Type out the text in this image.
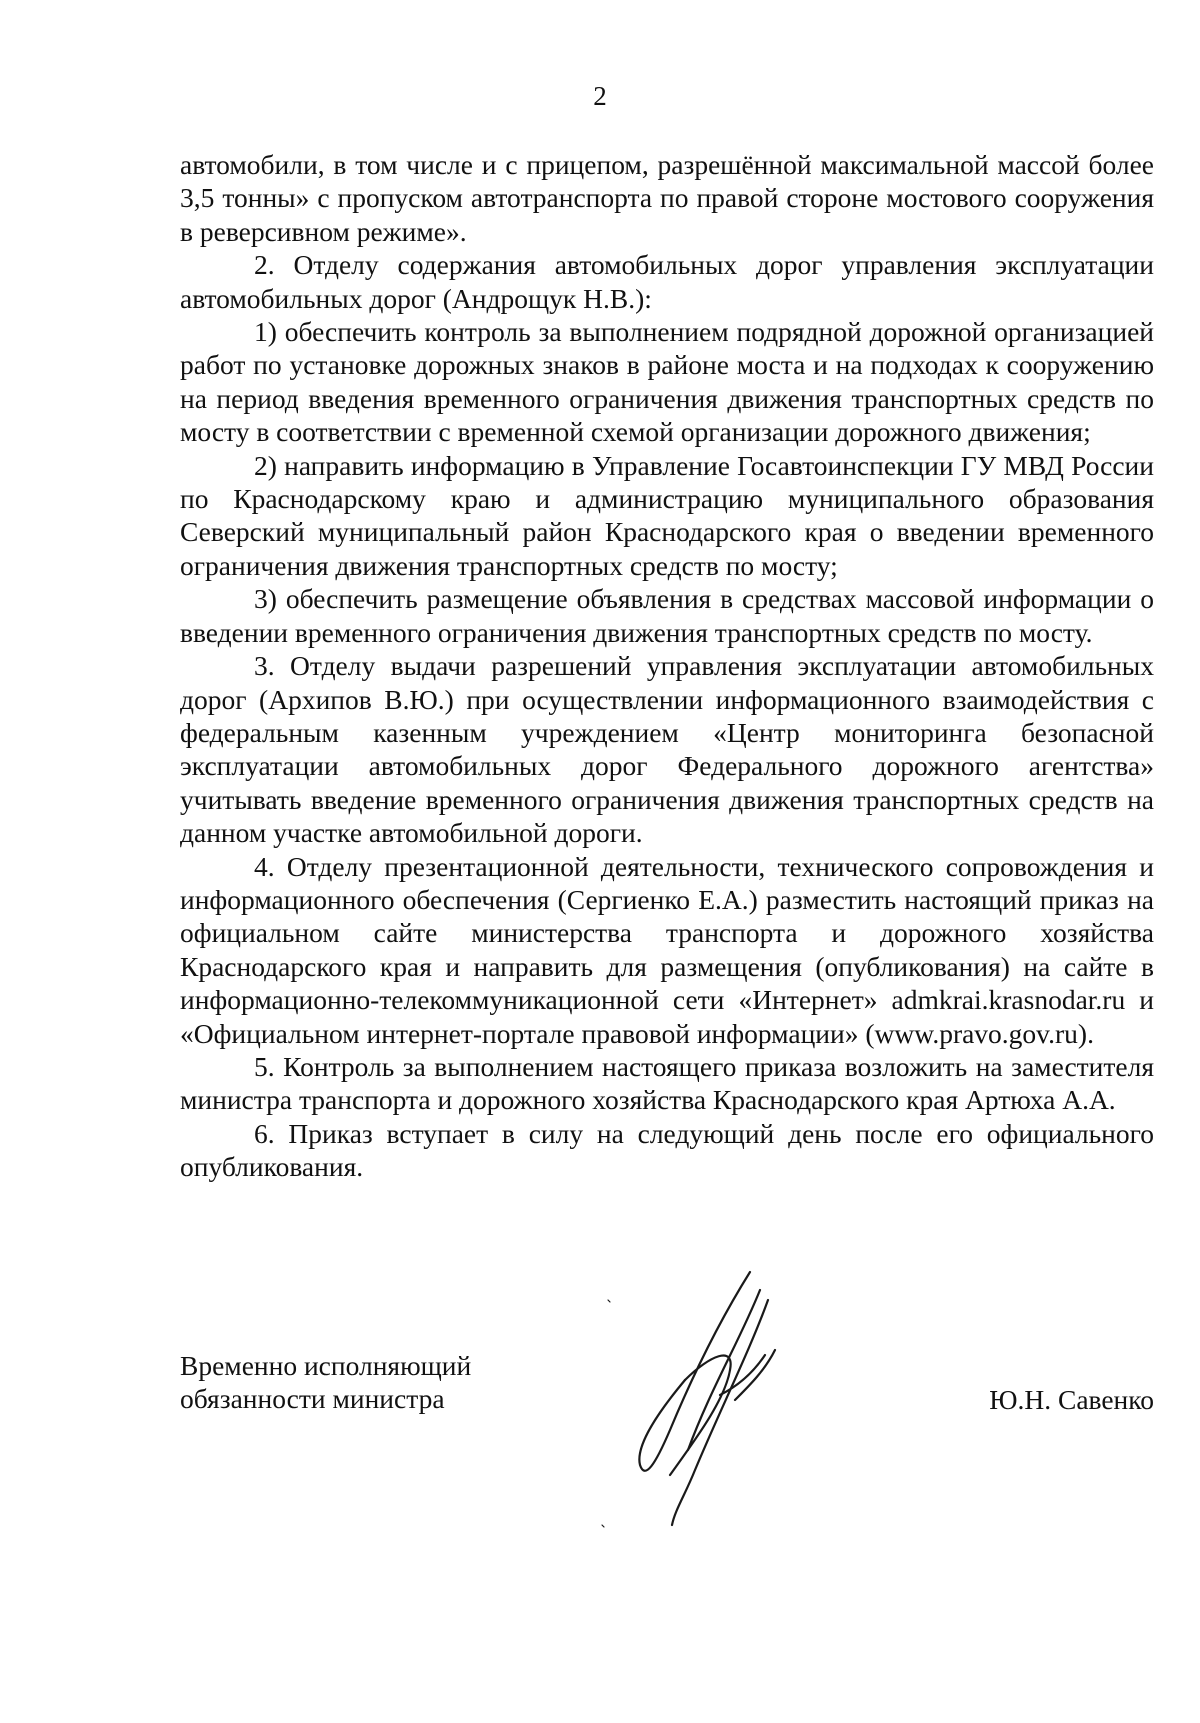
2

автомобили, в том числе и с прицепом, разрешённой максимальной массой более 3,5 тонны» с пропуском автотранспорта по правой стороне мостового сооружения в реверсивном режиме».

2. Отделу содержания автомобильных дорог управления эксплуатации автомобильных дорог (Андрощук Н.В.):

1) обеспечить контроль за выполнением подрядной дорожной организацией работ по установке дорожных знаков в районе моста и на подходах к сооружению на период введения временного ограничения движения транспортных средств по мосту в соответствии с временной схемой организации дорожного движения;

2) направить информацию в Управление Госавтоинспекции ГУ МВД России по Краснодарскому краю и администрацию муниципального образования Северский муниципальный район Краснодарского края о введении временного ограничения движения транспортных средств по мосту;

3) обеспечить размещение объявления в средствах массовой информации о введении временного ограничения движения транспортных средств по мосту.

3. Отделу выдачи разрешений управления эксплуатации автомобильных дорог (Архипов В.Ю.) при осуществлении информационного взаимодействия с федеральным казенным учреждением «Центр мониторинга безопасной эксплуатации автомобильных дорог Федерального дорожного агентства» учитывать введение временного ограничения движения транспортных средств на данном участке автомобильной дороги.

4. Отделу презентационной деятельности, технического сопровождения и информационного обеспечения (Сергиенко Е.А.) разместить настоящий приказ на официальном сайте министерства транспорта и дорожного хозяйства Краснодарского края и направить для размещения (опубликования) на сайте в информационно-телекоммуникационной сети «Интернет» admkrai.krasnodar.ru и «Официальном интернет-портале правовой информации» (www.pravo.gov.ru).

5. Контроль за выполнением настоящего приказа возложить на заместителя министра транспорта и дорожного хозяйства Краснодарского края Артюха А.А.

6. Приказ вступает в силу на следующий день после его официального опубликования.

Временно исполняющий
обязанности министра	Ю.Н. Савенко
